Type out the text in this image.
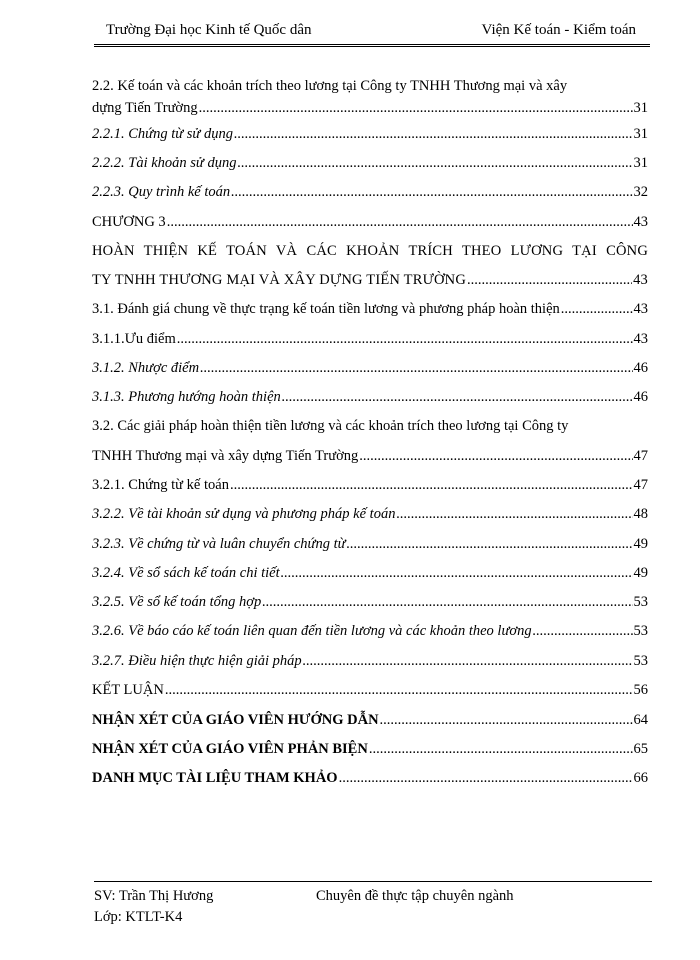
Trường Đại học Kinh tế Quốc dân	Viện Kế toán - Kiểm toán
2.2. Kế toán và các khoản trích theo lương tại Công ty TNHH Thương mại và xây
dựng Tiến Trường .....	31
2.2.1. Chứng từ sử dụng .....	31
2.2.2. Tài khoản sử dụng .....	31
2.2.3. Quy trình kế toán .....	32
CHƯƠNG 3 .....	43
HOÀN THIỆN KẾ TOÁN VÀ CÁC KHOẢN TRÍCH THEO LƯƠNG TẠI CÔNG
TY TNHH THƯƠNG MẠI VÀ XÂY DỰNG TIẾN TRƯỜNG .....	43
3.1. Đánh giá chung về thực trạng kế toán tiền lương và phương pháp hoàn thiện .....	43
3.1.1.Ưu điểm .....	43
3.1.2. Nhược điểm .....	46
3.1.3. Phương hướng hoàn thiện .....	46
3.2. Các giải pháp hoàn thiện tiền lương và các khoản trích theo lương tại Công ty
TNHH Thương mại và xây dựng Tiến Trường .....	47
3.2.1. Chứng từ kế toán .....	47
3.2.2. Về tài khoản sử dụng và phương pháp kế toán .....	48
3.2.3. Về chứng từ và luân chuyển chứng từ .....	49
3.2.4. Về sổ sách kế toán chi tiết .....	49
3.2.5. Về sổ kế toán tổng hợp .....	53
3.2.6. Về báo cáo kế toán liên quan đến tiền lương và các khoản theo lương .....	53
3.2.7. Điều hiện thực hiện giải pháp .....	53
KẾT LUẬN .....	56
NHẬN XÉT CỦA GIÁO VIÊN HƯỚNG DẪN .....	64
NHẬN XÉT CỦA GIÁO VIÊN PHẢN BIỆN .....	65
DANH MỤC TÀI LIỆU THAM KHẢO .....	66
SV: Trần Thị Hương
Lớp: KTLT-K4
Chuyên đề thực tập chuyên ngành
